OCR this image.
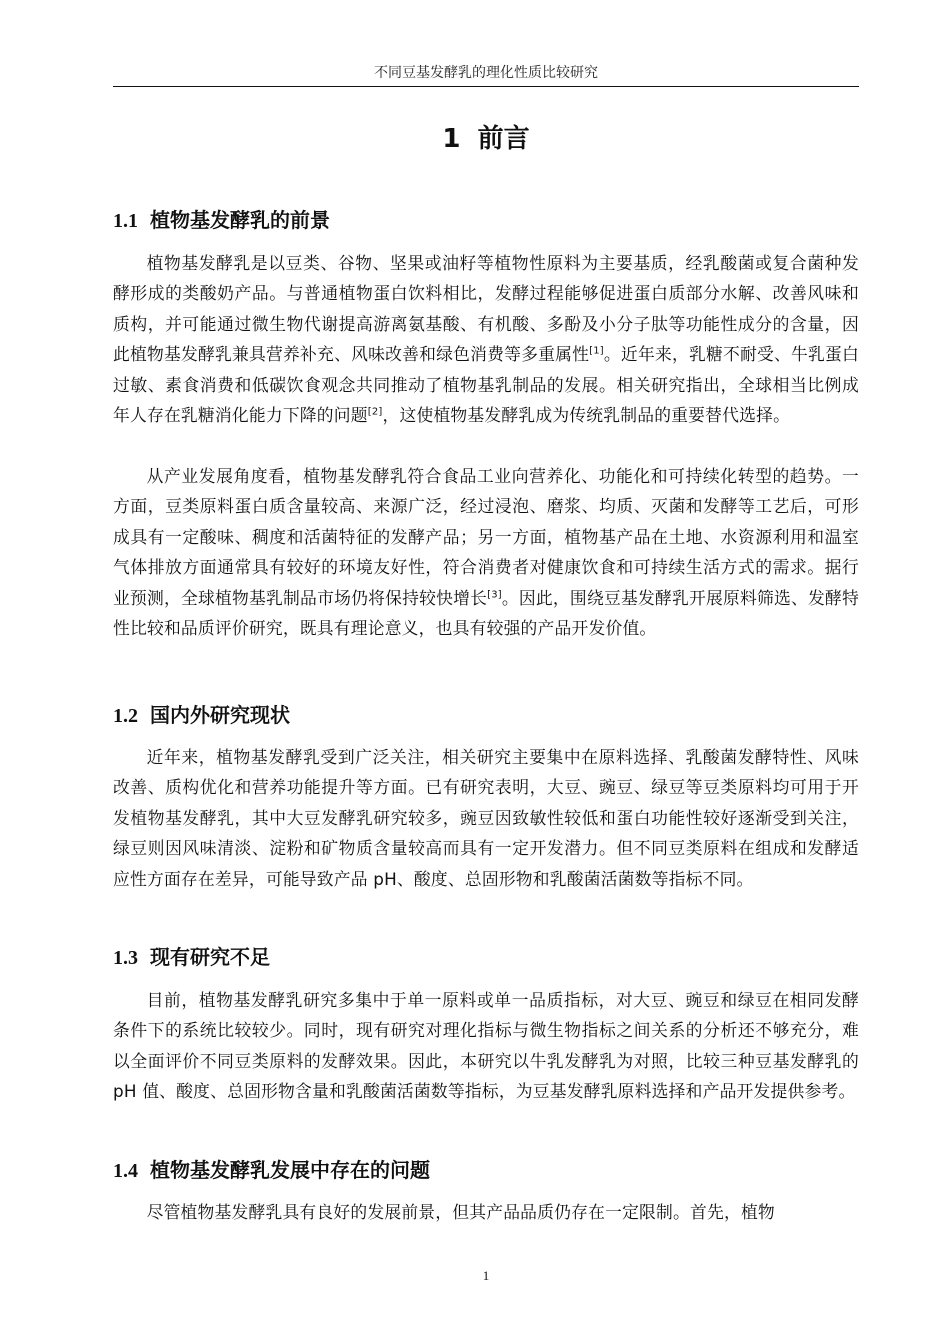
不同豆基发酵乳的理化性质比较研究
1 前言
1.1 植物基发酵乳的前景
植物基发酵乳是以豆类、谷物、坚果或油籽等植物性原料为主要基质，经乳酸菌或复合菌种发酵形成的类酸奶产品。与普通植物蛋白饮料相比，发酵过程能够促进蛋白质部分水解、改善风味和质构，并可能通过微生物代谢提高游离氨基酸、有机酸、多酚及小分子肽等功能性成分的含量，因此植物基发酵乳兼具营养补充、风味改善和绿色消费等多重属性[1]。近年来，乳糖不耐受、牛乳蛋白过敏、素食消费和低碳饮食观念共同推动了植物基乳制品的发展。相关研究指出，全球相当比例成年人存在乳糖消化能力下降的问题[2]，这使植物基发酵乳成为传统乳制品的重要替代选择。
从产业发展角度看，植物基发酵乳符合食品工业向营养化、功能化和可持续化转型的趋势。一方面，豆类原料蛋白质含量较高、来源广泛，经过浸泡、磨浆、均质、灭菌和发酵等工艺后，可形成具有一定酸味、稠度和活菌特征的发酵产品；另一方面，植物基产品在土地、水资源利用和温室气体排放方面通常具有较好的环境友好性，符合消费者对健康饮食和可持续生活方式的需求。据行业预测，全球植物基乳制品市场仍将保持较快增长[3]。因此，围绕豆基发酵乳开展原料筛选、发酵特性比较和品质评价研究，既具有理论意义，也具有较强的产品开发价值。
1.2 国内外研究现状
近年来，植物基发酵乳受到广泛关注，相关研究主要集中在原料选择、乳酸菌发酵特性、风味改善、质构优化和营养功能提升等方面。已有研究表明，大豆、豌豆、绿豆等豆类原料均可用于开发植物基发酵乳，其中大豆发酵乳研究较多，豌豆因致敏性较低和蛋白功能性较好逐渐受到关注，绿豆则因风味清淡、淀粉和矿物质含量较高而具有一定开发潜力。但不同豆类原料在组成和发酵适应性方面存在差异，可能导致产品 pH、酸度、总固形物和乳酸菌活菌数等指标不同。
1.3 现有研究不足
目前，植物基发酵乳研究多集中于单一原料或单一品质指标，对大豆、豌豆和绿豆在相同发酵条件下的系统比较较少。同时，现有研究对理化指标与微生物指标之间关系的分析还不够充分，难以全面评价不同豆类原料的发酵效果。因此，本研究以牛乳发酵乳为对照，比较三种豆基发酵乳的 pH 值、酸度、总固形物含量和乳酸菌活菌数等指标，为豆基发酵乳原料选择和产品开发提供参考。
1.4 植物基发酵乳发展中存在的问题
尽管植物基发酵乳具有良好的发展前景，但其产品品质仍存在一定限制。首先，植物
1
